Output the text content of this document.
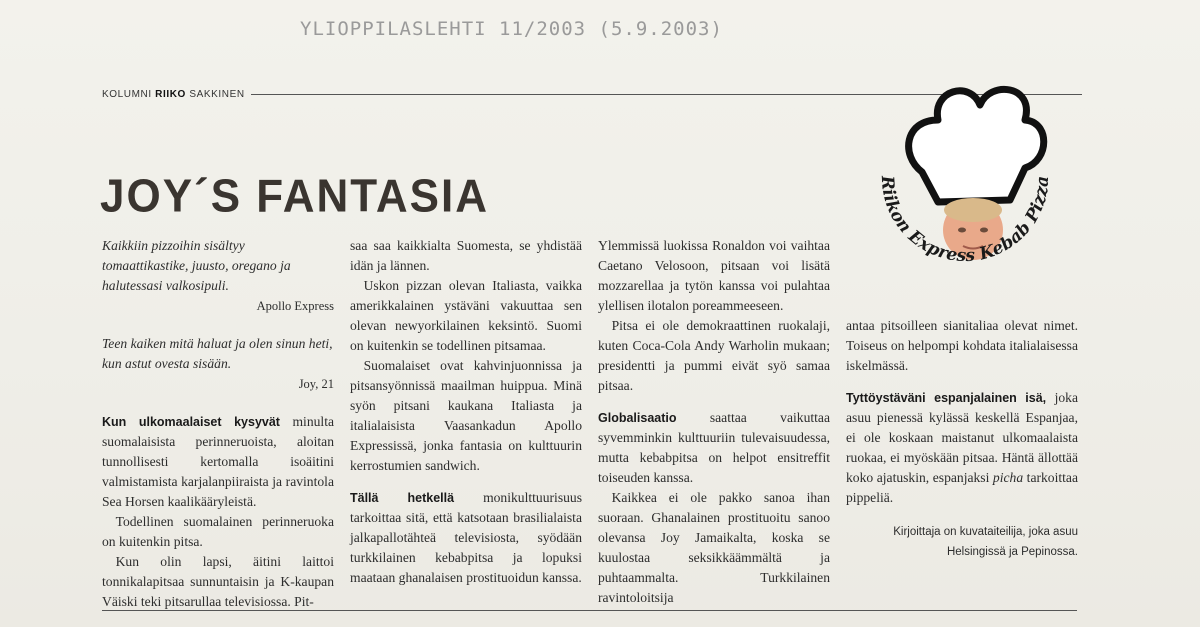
YLIOPPILASLEHTI 11/2003 (5.9.2003)
KOLUMNI RIIKO SAKKINEN
JOY´S FANTASIA	Riikon Express Kebab Pizza

Kaikkiin pizzoihin sisältyy tomaattikastike, juusto, oregano ja halutessasi valkosipuli.

Apollo Express

Teen kaiken mitä haluat ja olen sinun heti, kun astut ovesta sisään.

Joy, 21

Kun ulkomaalaiset kysyvät minulta suomalaisista perinneruoista, aloitan tunnollisesti kertomalla isoäitini valmistamista karjalanpiiraista ja ravintola Sea Horsen kaalikääryleistä.

Todellinen suomalainen perinneruoka on kuitenkin pitsa.

Kun olin lapsi, äitini laittoi tonnikalapitsaa sunnuntaisin ja K-kaupan Väiski teki pitsarullaa televisiossa. Pit-

saa saa kaikkialta Suomesta, se yhdistää idän ja lännen.

Uskon pizzan olevan Italiasta, vaikka amerikkalainen ystäväni vakuuttaa sen olevan newyorkilainen keksintö. Suomi on kuitenkin se todellinen pitsamaa.

Suomalaiset ovat kahvinjuonnissa ja pitsansyönnissä maailman huippua. Minä syön pitsani kaukana Italiasta ja italialaisista Vaasankadun Apollo Expressissä, jonka fantasia on kulttuurin kerrostumien sandwich.

Tällä hetkellä monikulttuurisuus tarkoittaa sitä, että katsotaan brasilialaista jalkapallotähteä televisiosta, syödään turkkilainen kebabpitsa ja lopuksi maataan ghanalaisen prostituoidun kanssa.

Ylemmissä luokissa Ronaldon voi vaihtaa Caetano Velosoon, pitsaan voi lisätä mozzarellaa ja tytön kanssa voi pulahtaa ylellisen ilotalon poreammeeseen.

Pitsa ei ole demokraattinen ruokalaji, kuten Coca-Cola Andy Warholin mukaan; presidentti ja pummi eivät syö samaa pitsaa.

Globalisaatio saattaa vaikuttaa syvemminkin kulttuuriin tulevaisuudessa, mutta kebabpitsa on helpot ensitreffit toiseuden kanssa.

Kaikkea ei ole pakko sanoa ihan suoraan. Ghanalainen prostituoitu sanoo olevansa Joy Jamaikalta, koska se kuulostaa seksikkäämmältä ja puhtaammalta. Turkkilainen ravintoloitsija

antaa pitsoilleen sianitaliaa olevat nimet. Toiseus on helpompi kohdata italialaisessa iskelmässä.

Tyttöystäväni espanjalainen isä, joka asuu pienessä kylässä keskellä Espanjaa, ei ole koskaan maistanut ulkomaalaista ruokaa, ei myöskään pitsaa. Häntä ällottää koko ajatuskin, espanjaksi picha tarkoittaa pippeliä.

Kirjoittaja on kuvataiteilija, joka asuu Helsingissä ja Pepinossa.
